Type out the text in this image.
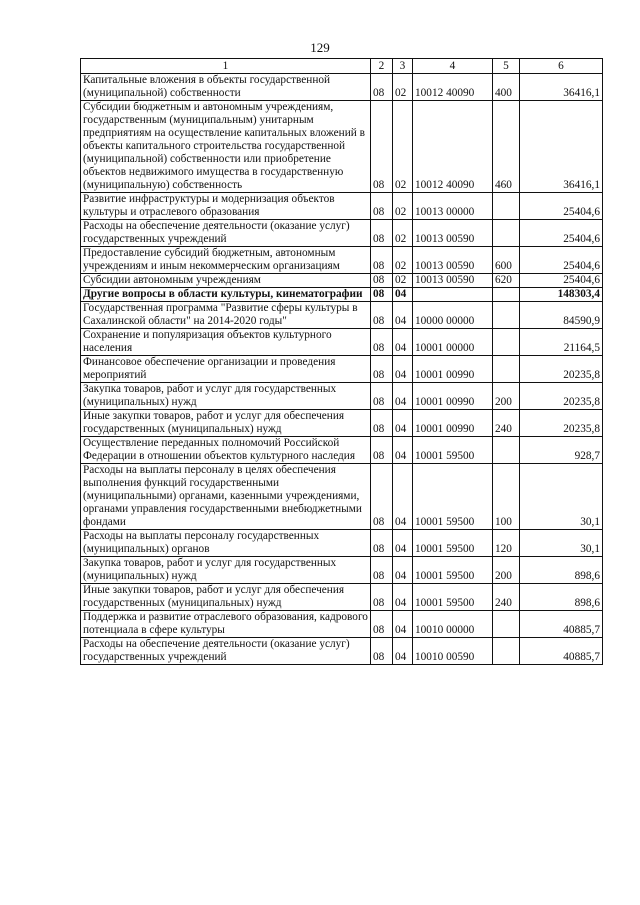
129
1	2	3	4	5	6
Капитальные вложения в объекты государственной (муниципальной) собственности	08	02	10012 40090	400	36416,1
Субсидии бюджетным и автономным учреждениям, государственным (муниципальным) унитарным предприятиям на осуществление капитальных вложений в объекты капитального строительства государственной (муниципальной) собственности или приобретение объектов недвижимого имущества в государственную (муниципальную) собственность	08	02	10012 40090	460	36416,1
Развитие инфраструктуры и модернизация объектов культуры и отраслевого образования	08	02	10013 00000		25404,6
Расходы на обеспечение деятельности (оказание услуг) государственных учреждений	08	02	10013 00590		25404,6
Предоставление субсидий бюджетным, автономным учреждениям и иным некоммерческим организациям	08	02	10013 00590	600	25404,6
Субсидии автономным учреждениям	08	02	10013 00590	620	25404,6
Другие вопросы в области культуры, кинематографии	08	04			148303,4
Государственная программа "Развитие сферы культуры в Сахалинской области" на 2014-2020 годы"	08	04	10000 00000		84590,9
Сохранение и популяризация объектов культурного населения	08	04	10001 00000		21164,5
Финансовое обеспечение организации и проведения мероприятий	08	04	10001 00990		20235,8
Закупка товаров, работ и услуг для государственных (муниципальных) нужд	08	04	10001 00990	200	20235,8
Иные закупки товаров, работ и услуг для обеспечения государственных (муниципальных) нужд	08	04	10001 00990	240	20235,8
Осуществление переданных полномочий Российской Федерации в отношении объектов культурного наследия	08	04	10001 59500		928,7
Расходы на выплаты персоналу в целях обеспечения выполнения функций государственными (муниципальными) органами, казенными учреждениями, органами управления государственными внебюджетными фондами	08	04	10001 59500	100	30,1
Расходы на выплаты персоналу государственных (муниципальных) органов	08	04	10001 59500	120	30,1
Закупка товаров, работ и услуг для государственных (муниципальных) нужд	08	04	10001 59500	200	898,6
Иные закупки товаров, работ и услуг для обеспечения государственных (муниципальных) нужд	08	04	10001 59500	240	898,6
Поддержка и развитие отраслевого образования, кадрового потенциала в сфере культуры	08	04	10010 00000		40885,7
Расходы на обеспечение деятельности (оказание услуг) государственных учреждений	08	04	10010 00590		40885,7
